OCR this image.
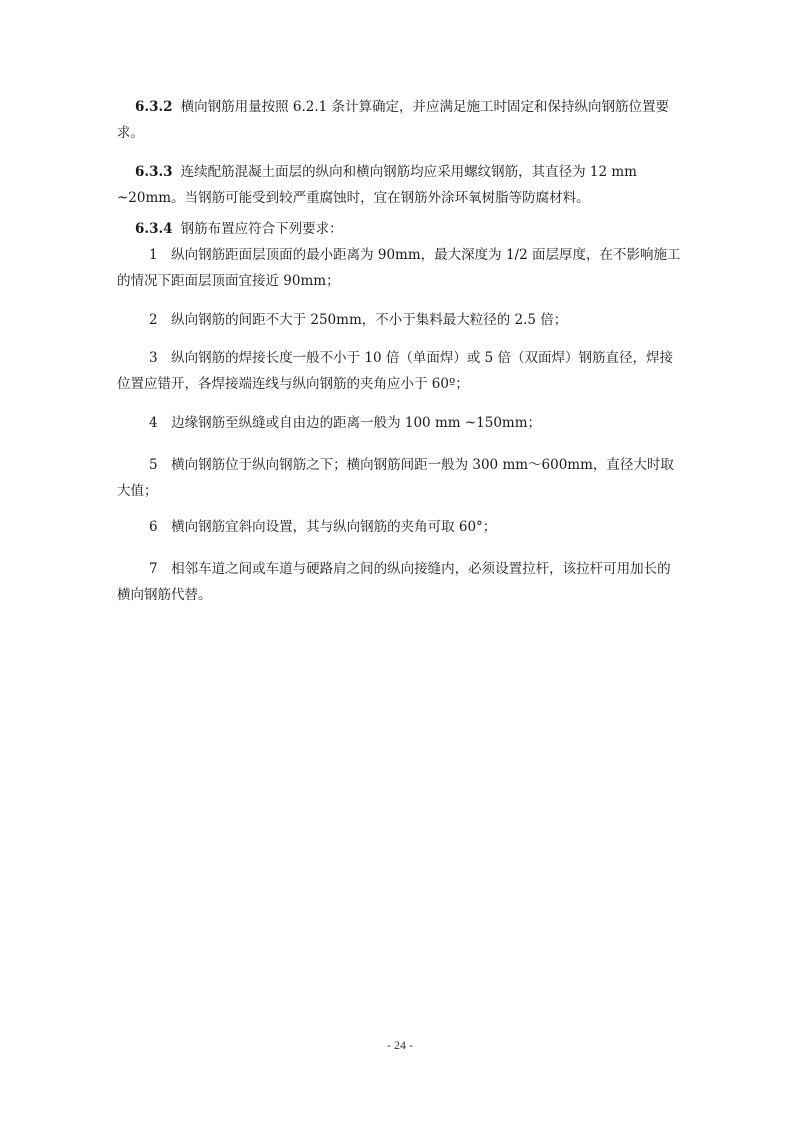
6.3.2 横向钢筋用量按照 6.2.1 条计算确定，并应满足施工时固定和保持纵向钢筋位置要求。

6.3.3 连续配筋混凝土面层的纵向和横向钢筋均应采用螺纹钢筋，其直径为 12 mm ~20mm。当钢筋可能受到较严重腐蚀时，宜在钢筋外涂环氧树脂等防腐材料。

6.3.4 钢筋布置应符合下列要求：

1　纵向钢筋距面层顶面的最小距离为 90mm，最大深度为 1/2 面层厚度，在不影响施工的情况下距面层顶面宜接近 90mm；

2　纵向钢筋的间距不大于 250mm，不小于集料最大粒径的 2.5 倍；

3　纵向钢筋的焊接长度一般不小于 10 倍（单面焊）或 5 倍（双面焊）钢筋直径，焊接位置应错开，各焊接端连线与纵向钢筋的夹角应小于 60º；

4　边缘钢筋至纵缝或自由边的距离一般为 100 mm ~150mm；

5　横向钢筋位于纵向钢筋之下；横向钢筋间距一般为 300 mm～600mm，直径大时取大值；

6　横向钢筋宜斜向设置，其与纵向钢筋的夹角可取 60°；

7　相邻车道之间或车道与硬路肩之间的纵向接缝内，必须设置拉杆，该拉杆可用加长的横向钢筋代替。

- 24 -
